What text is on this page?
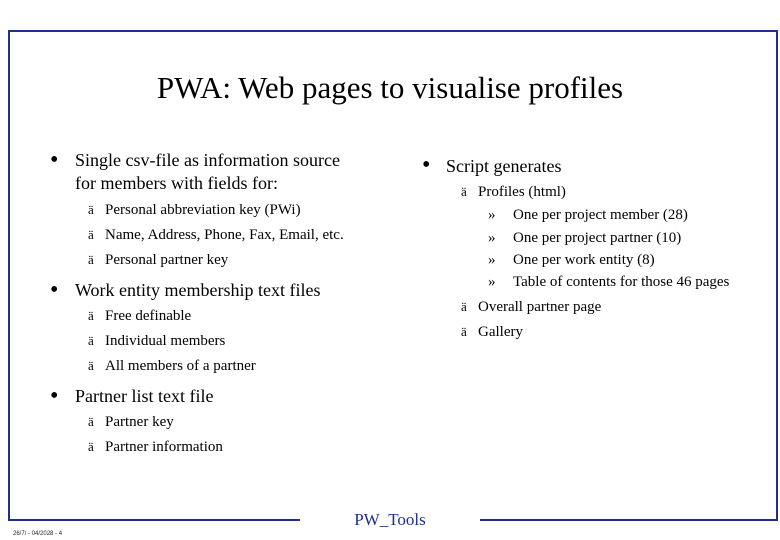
PWA: Web pages to visualise profiles
• Single csv-file as information source
for members with fields for:
ä Personal abbreviation key (PWi)
ä Name, Address, Phone, Fax, Email, etc.
ä Personal partner key
• Work entity membership text files
ä Free definable
ä Individual members
ä All members of a partner
• Partner list text file
ä Partner key
ä Partner information
• Script generates
ä Profiles (html)
» One per project member (28)
» One per project partner (10)
» One per work entity (8)
» Table of contents for those 46 pages
ä Overall partner page
ä Gallery
PW_Tools
26/7/ - 04/2028 - 4
